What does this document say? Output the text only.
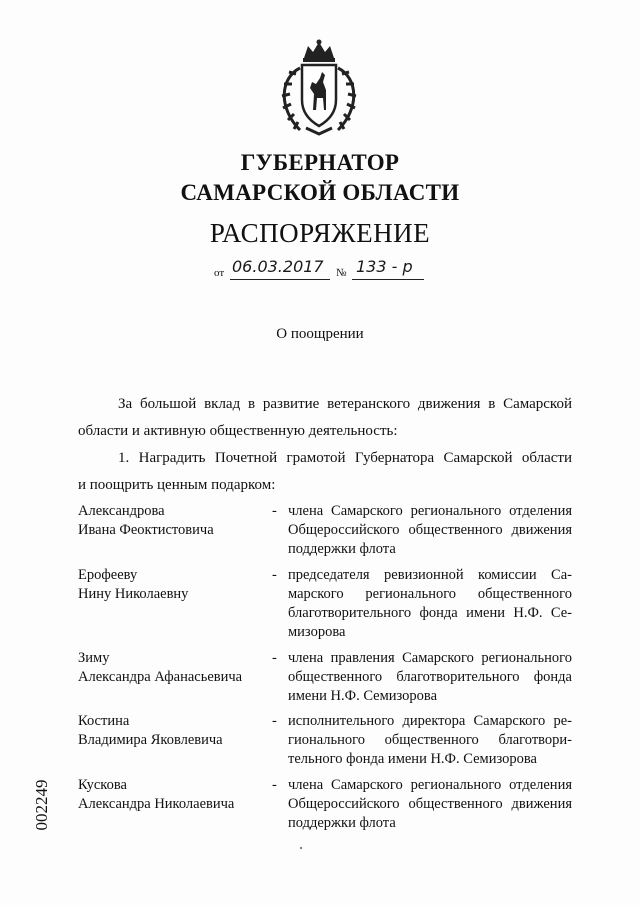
ГУБЕРНАТОР
САМАРСКОЙ ОБЛАСТИ
РАСПОРЯЖЕНИЕ
от 06.03.2017 № 133 - р
О поощрении
За большой вклад в развитие ветеранского движения в Самарской
области и активную общественную деятельность:
1. Наградить Почетной грамотой Губернатора Самарской области
и поощрить ценным подарком:
Александрова
Ивана Феоктистовича
- члена Самарского регионального отделения
Общероссийского общественного движения
поддержки флота
Ерофееву
Нину Николаевну
- председателя ревизионной комиссии Са-
марского регионального общественного
благотворительного фонда имени Н.Ф. Се-
мизорова
Зиму
Александра Афанасьевича
- члена правления Самарского регионального
общественного благотворительного фонда
имени Н.Ф. Семизорова
Костина
Владимира Яковлевича
- исполнительного директора Самарского ре-
гионального общественного благотвори-
тельного фонда имени Н.Ф. Семизорова
Кускова
Александра Николаевича
- члена Самарского регионального отделения
Общероссийского общественного движения
поддержки флота
002249
